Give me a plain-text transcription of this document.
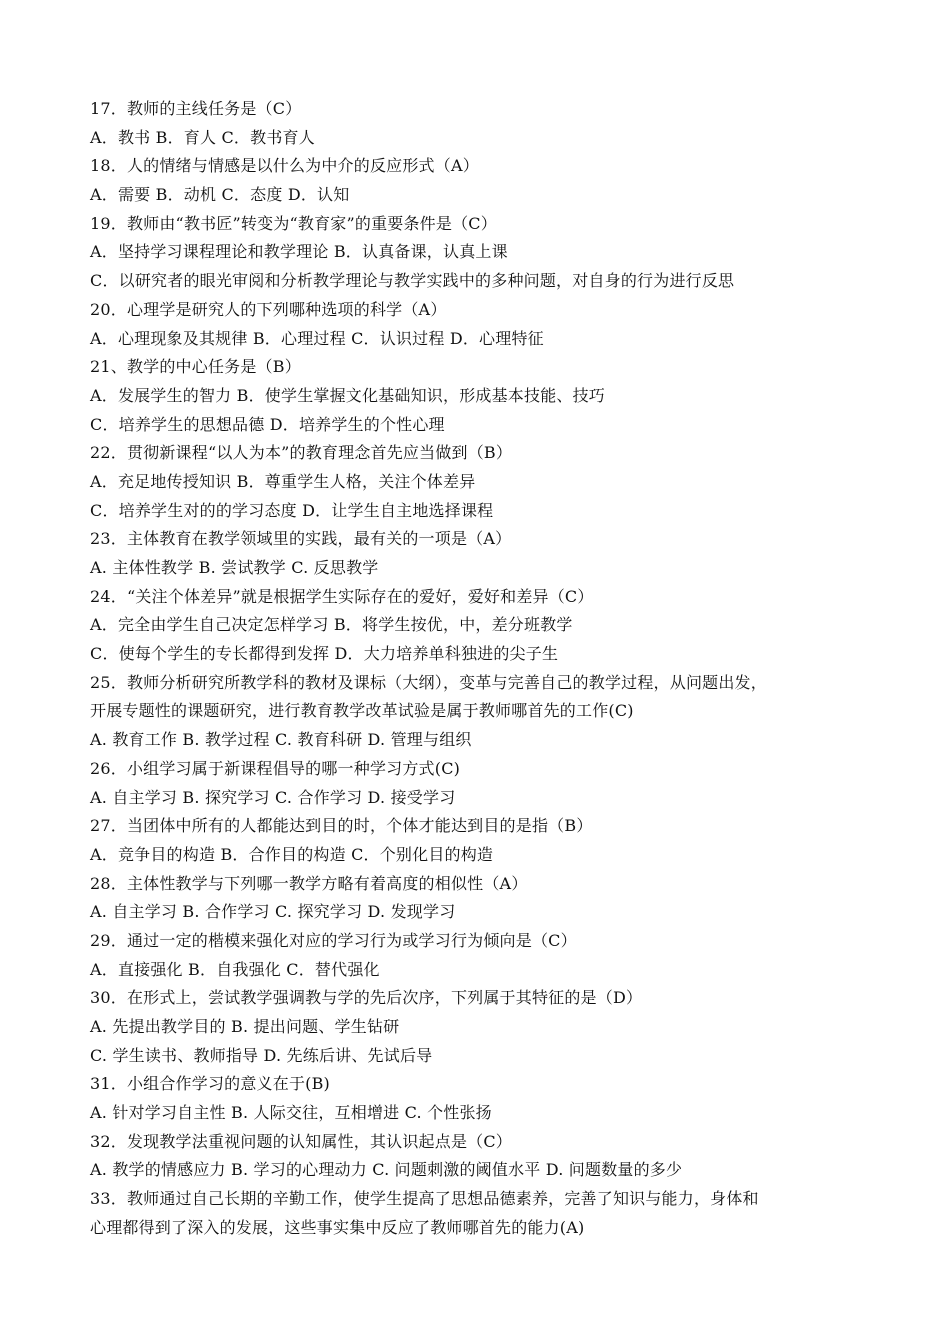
17．教师的主线任务是（C）
A．教书 B．育人 C．教书育人
18．人的情绪与情感是以什么为中介的反应形式（A）
A．需要 B．动机 C．态度 D．认知
19．教师由“教书匠”转变为“教育家”的重要条件是（C）
A．坚持学习课程理论和教学理论 B．认真备课，认真上课
C．以研究者的眼光审阅和分析教学理论与教学实践中的多种问题，对自身的行为进行反思
20．心理学是研究人的下列哪种选项的科学（A）
A．心理现象及其规律 B．心理过程 C．认识过程 D．心理特征
21、教学的中心任务是（B）
A．发展学生的智力 B．使学生掌握文化基础知识，形成基本技能、技巧
C．培养学生的思想品德 D．培养学生的个性心理
22．贯彻新课程“以人为本”的教育理念首先应当做到（B）
A．充足地传授知识 B．尊重学生人格，关注个体差异
C．培养学生对的的学习态度 D．让学生自主地选择课程
23．主体教育在教学领域里的实践，最有关的一项是（A）
A. 主体性教学 B. 尝试教学 C. 反思教学
24．“关注个体差异”就是根据学生实际存在的爱好，爱好和差异（C）
A．完全由学生自己决定怎样学习 B．将学生按优，中，差分班教学
C．使每个学生的专长都得到发挥 D．大力培养单科独进的尖子生
25．教师分析研究所教学科的教材及课标（大纲），变革与完善自己的教学过程，从问题出发，
开展专题性的课题研究，进行教育教学改革试验是属于教师哪首先的工作(C)
A. 教育工作 B. 教学过程 C. 教育科研 D. 管理与组织
26．小组学习属于新课程倡导的哪一种学习方式(C)
A. 自主学习 B. 探究学习 C. 合作学习 D. 接受学习
27．当团体中所有的人都能达到目的时，个体才能达到目的是指（B）
A．竞争目的构造 B．合作目的构造 C．个别化目的构造
28．主体性教学与下列哪一教学方略有着高度的相似性（A）
A. 自主学习 B. 合作学习 C. 探究学习 D. 发现学习
29．通过一定的楷模来强化对应的学习行为或学习行为倾向是（C）
A．直接强化 B．自我强化 C．替代强化
30．在形式上，尝试教学强调教与学的先后次序，下列属于其特征的是（D）
A. 先提出教学目的 B. 提出问题、学生钻研
C. 学生读书、教师指导 D. 先练后讲、先试后导
31．小组合作学习的意义在于(B)
A. 针对学习自主性 B. 人际交往，互相增进 C. 个性张扬
32．发现教学法重视问题的认知属性，其认识起点是（C）
A. 教学的情感应力 B. 学习的心理动力 C. 问题刺激的阈值水平 D. 问题数量的多少
33．教师通过自己长期的辛勤工作，使学生提高了思想品德素养，完善了知识与能力，身体和
心理都得到了深入的发展，这些事实集中反应了教师哪首先的能力(A)
